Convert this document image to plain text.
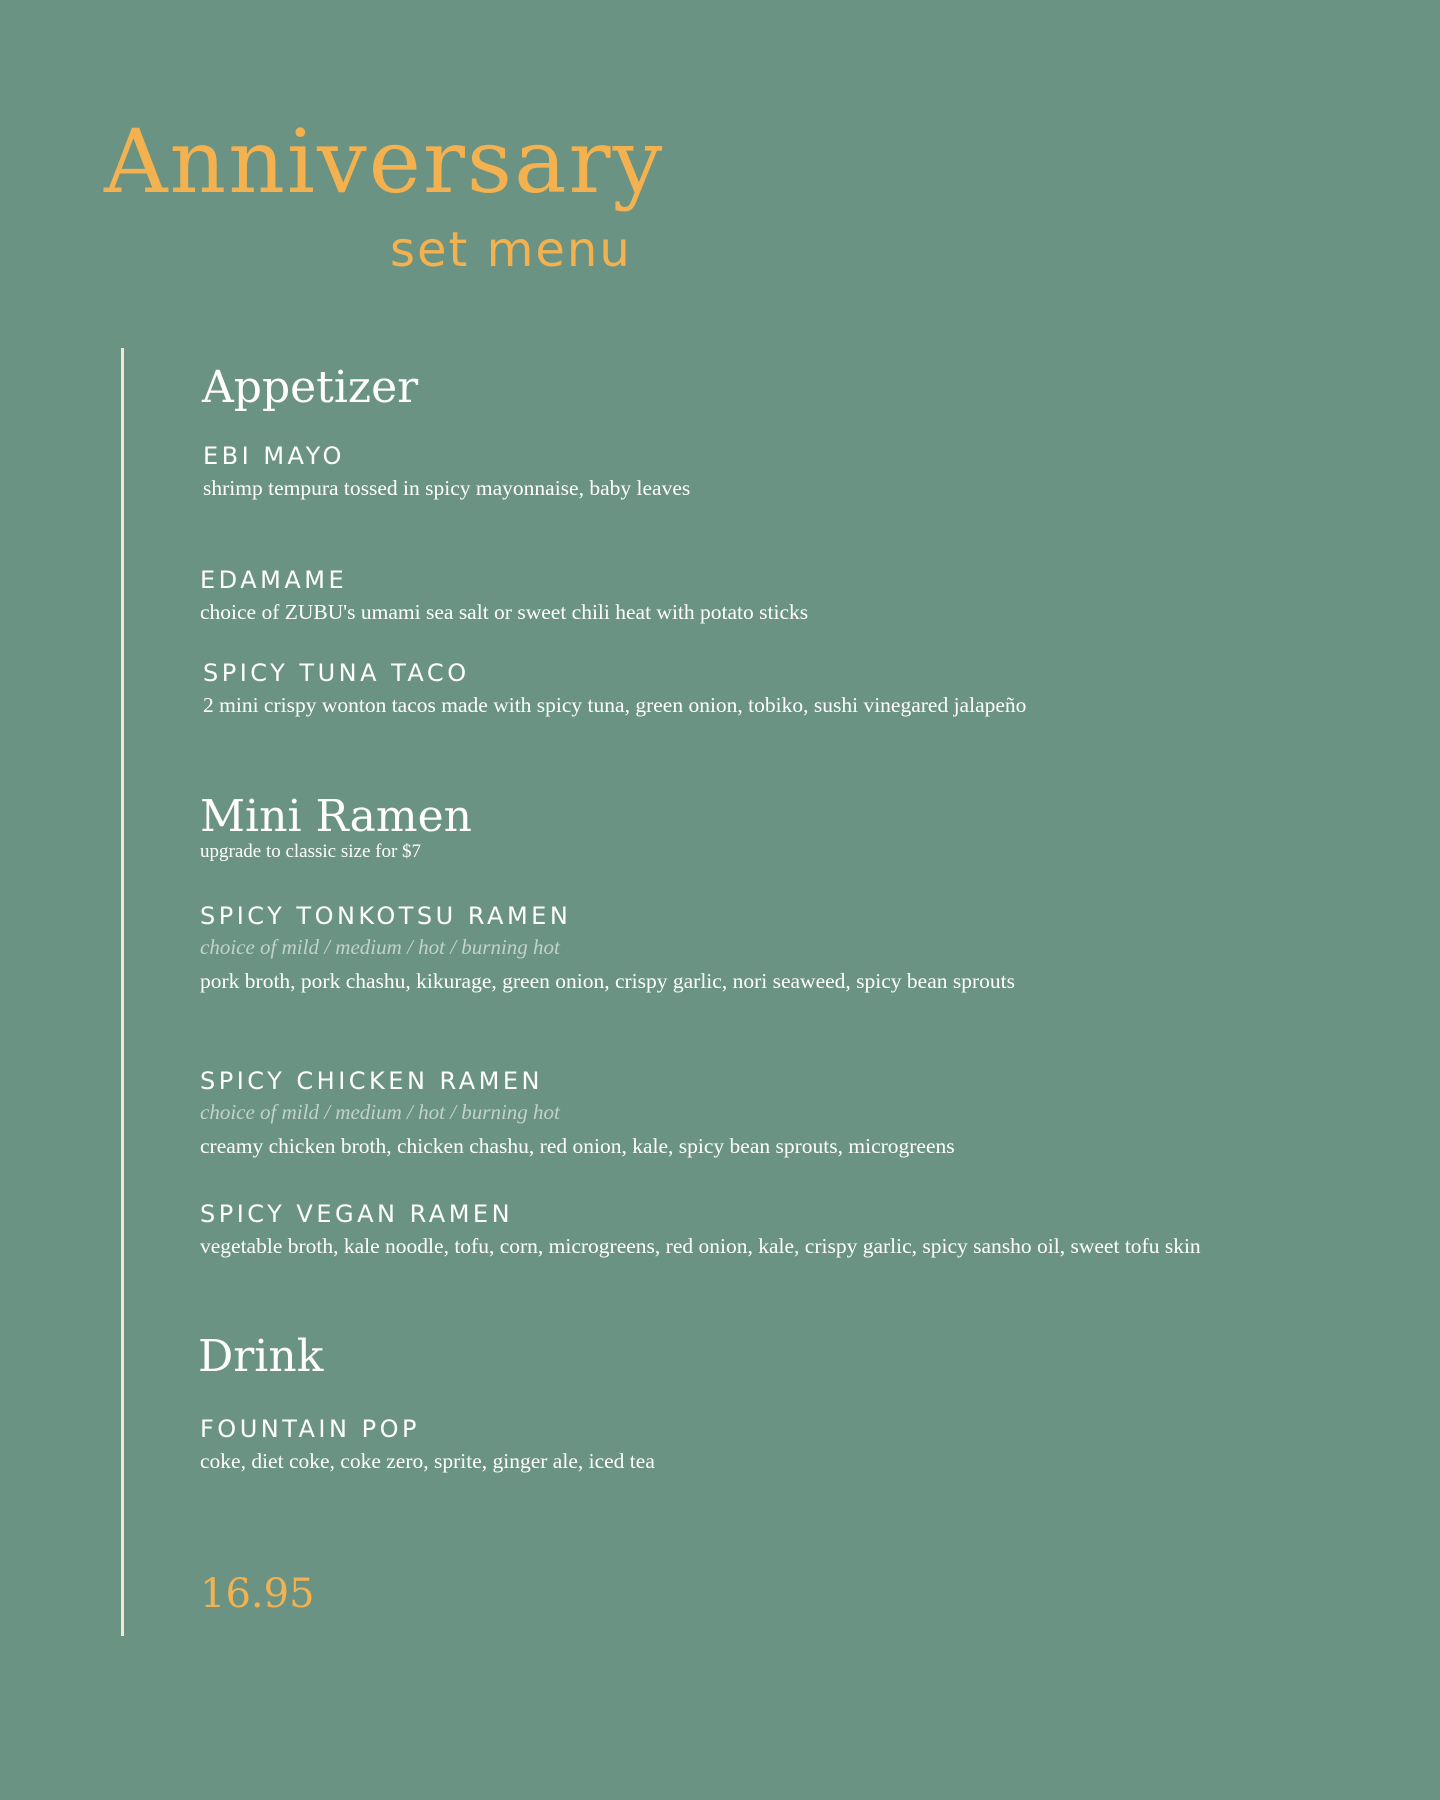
Anniversary
set menu
Appetizer
EBI MAYO
shrimp tempura tossed in spicy mayonnaise, baby leaves
EDAMAME
choice of ZUBU's umami sea salt or sweet chili heat with potato sticks
SPICY TUNA TACO
2 mini crispy wonton tacos made with spicy tuna, green onion, tobiko, sushi vinegared jalapeño
Mini Ramen
upgrade to classic size for $7
SPICY TONKOTSU RAMEN
choice of mild / medium / hot / burning hot
pork broth, pork chashu, kikurage, green onion, crispy garlic, nori seaweed, spicy bean sprouts
SPICY CHICKEN RAMEN
choice of mild / medium / hot / burning hot
creamy chicken broth, chicken chashu, red onion, kale, spicy bean sprouts, microgreens
SPICY VEGAN RAMEN
vegetable broth, kale noodle, tofu, corn, microgreens, red onion, kale, crispy garlic, spicy sansho oil, sweet tofu skin
Drink
FOUNTAIN POP
coke, diet coke, coke zero, sprite, ginger ale, iced tea
16.95
